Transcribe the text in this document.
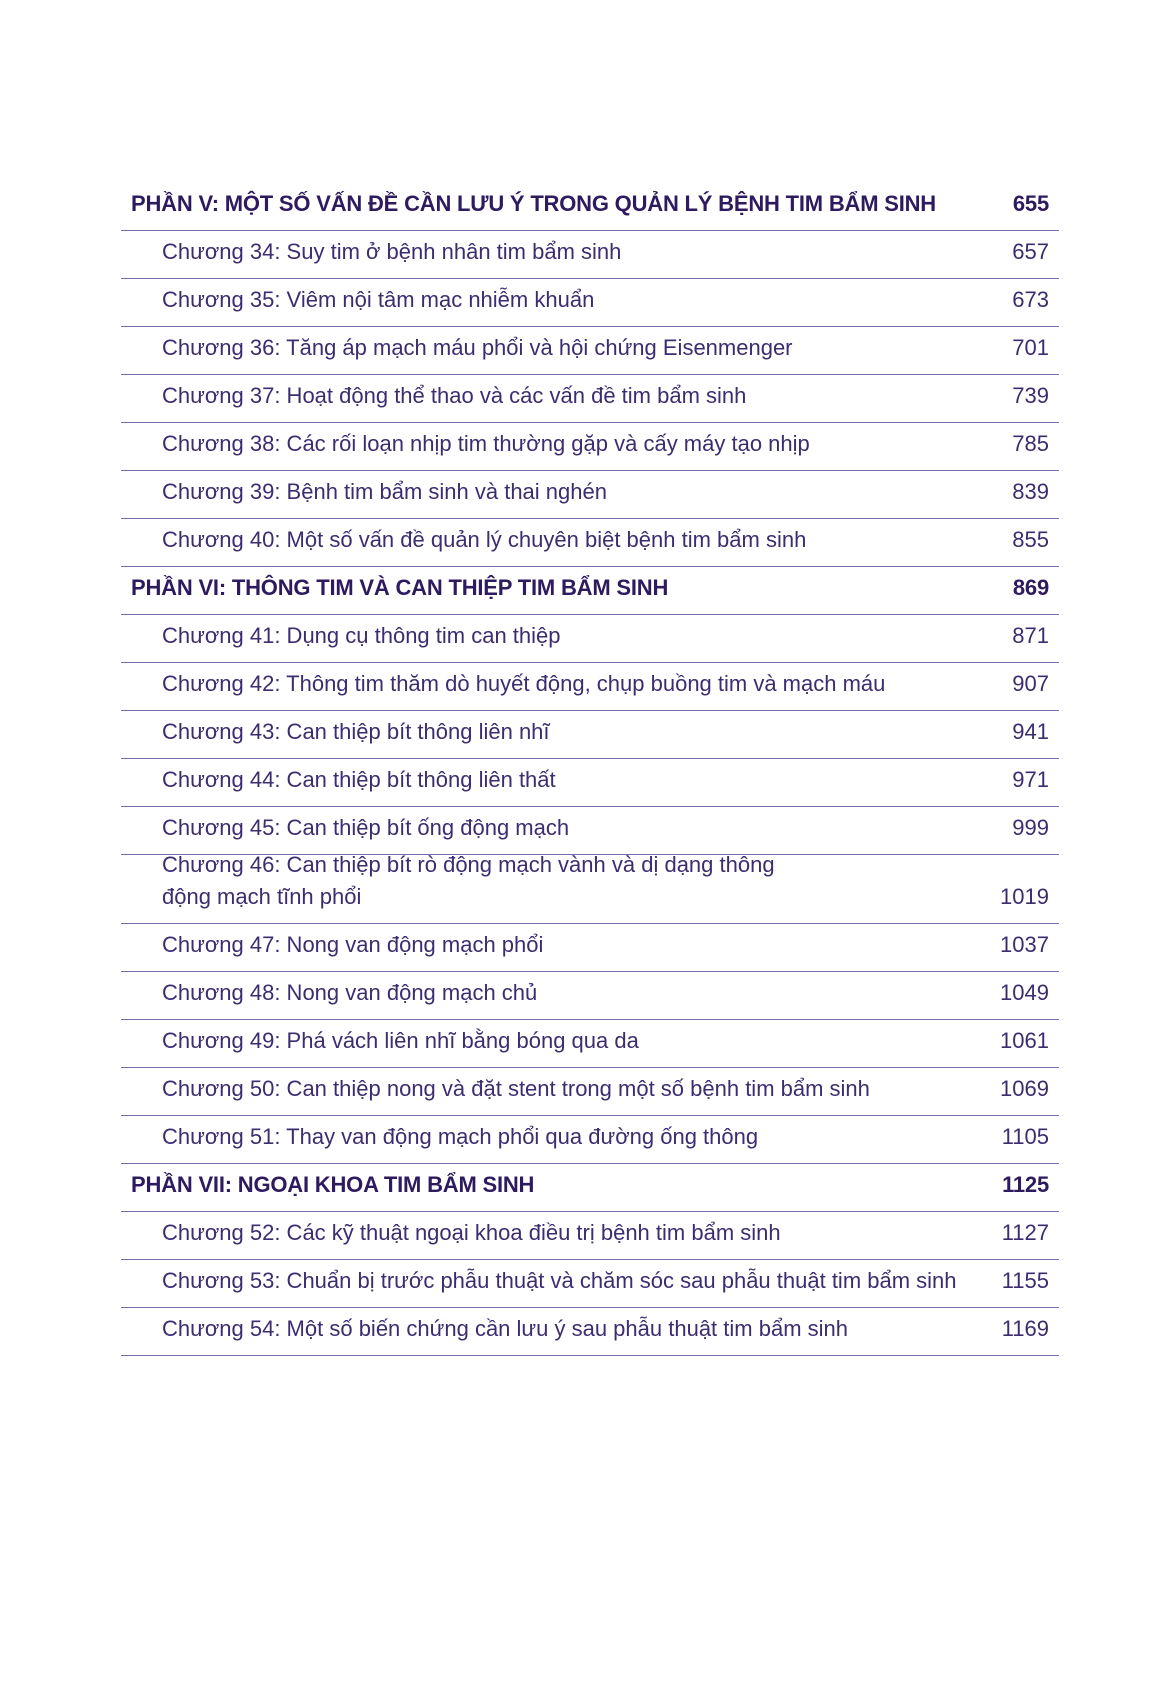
PHẦN V: MỘT SỐ VẤN ĐỀ CẦN LƯU Ý TRONG QUẢN LÝ BỆNH TIM BẨM SINH	655
Chương 34: Suy tim ở bệnh nhân tim bẩm sinh	657
Chương 35: Viêm nội tâm mạc nhiễm khuẩn	673
Chương 36: Tăng áp mạch máu phổi và hội chứng Eisenmenger	701
Chương 37: Hoạt động thể thao và các vấn đề tim bẩm sinh	739
Chương 38: Các rối loạn nhịp tim thường gặp và cấy máy tạo nhịp	785
Chương 39: Bệnh tim bẩm sinh và thai nghén	839
Chương 40: Một số vấn đề quản lý chuyên biệt bệnh tim bẩm sinh	855
PHẦN VI: THÔNG TIM VÀ CAN THIỆP TIM BẨM SINH	869
Chương 41: Dụng cụ thông tim can thiệp	871
Chương 42: Thông tim thăm dò huyết động, chụp buồng tim và mạch máu	907
Chương 43: Can thiệp bít thông liên nhĩ	941
Chương 44: Can thiệp bít thông liên thất	971
Chương 45: Can thiệp bít ống động mạch	999
Chương 46: Can thiệp bít rò động mạch vành và dị dạng thông
động mạch tĩnh phổi	1019
Chương 47: Nong van động mạch phổi	1037
Chương 48: Nong van động mạch chủ	1049
Chương 49: Phá vách liên nhĩ bằng bóng qua da	1061
Chương 50: Can thiệp nong và đặt stent trong một số bệnh tim bẩm sinh	1069
Chương 51: Thay van động mạch phổi qua đường ống thông	1105
PHẦN VII: NGOẠI KHOA TIM BẨM SINH	1125
Chương 52: Các kỹ thuật ngoại khoa điều trị bệnh tim bẩm sinh	1127
Chương 53: Chuẩn bị trước phẫu thuật và chăm sóc sau phẫu thuật tim bẩm sinh	1155
Chương 54: Một số biến chứng cần lưu ý sau phẫu thuật tim bẩm sinh	1169
